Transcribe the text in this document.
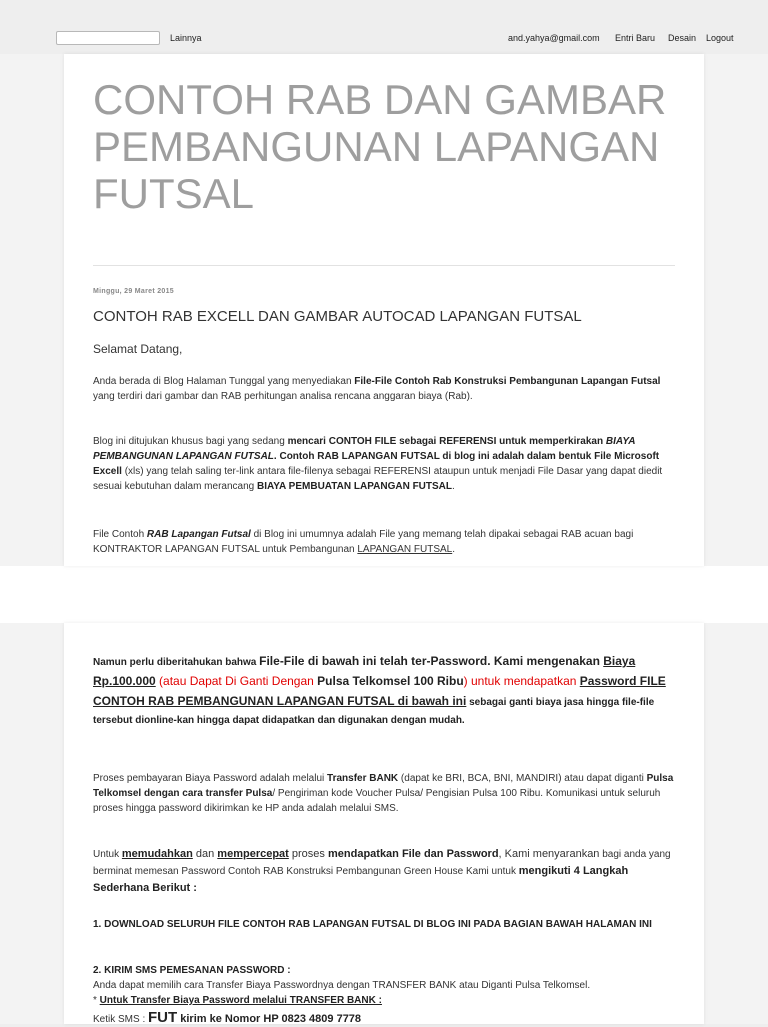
Lainnya	and.yahya@gmail.com Entri Baru Desain Logout
CONTOH RAB DAN GAMBAR PEMBANGUNAN LAPANGAN FUTSAL
Minggu, 29 Maret 2015
CONTOH RAB EXCELL DAN GAMBAR AUTOCAD LAPANGAN FUTSAL
Selamat Datang,

Anda berada di Blog Halaman Tunggal yang menyediakan File-File Contoh Rab Konstruksi Pembangunan Lapangan Futsal yang terdiri dari gambar dan RAB perhitungan analisa rencana anggaran biaya (Rab).

Blog ini ditujukan khusus bagi yang sedang mencari CONTOH FILE sebagai REFERENSI untuk memperkirakan BIAYA PEMBANGUNAN LAPANGAN FUTSAL. Contoh RAB LAPANGAN FUTSAL di blog ini adalah dalam bentuk File Microsoft Excell (xls) yang telah saling ter-link antara file-filenya sebagai REFERENSI ataupun untuk menjadi File Dasar yang dapat diedit sesuai kebutuhan dalam merancang BIAYA PEMBUATAN LAPANGAN FUTSAL.

File Contoh RAB Lapangan Futsal di Blog ini umumnya adalah File yang memang telah dipakai sebagai RAB acuan bagi KONTRAKTOR LAPANGAN FUTSAL untuk Pembangunan LAPANGAN FUTSAL.

Namun perlu diberitahukan bahwa File-File di bawah ini telah ter-Password. Kami mengenakan Biaya Rp.100.000 (atau Dapat Di Ganti Dengan Pulsa Telkomsel 100 Ribu) untuk mendapatkan Password FILE CONTOH RAB PEMBANGUNAN LAPANGAN FUTSAL di bawah ini sebagai ganti biaya jasa hingga file-file tersebut dionline-kan hingga dapat didapatkan dan digunakan dengan mudah.

Proses pembayaran Biaya Password adalah melalui Transfer BANK (dapat ke BRI, BCA, BNI, MANDIRI) atau dapat diganti Pulsa Telkomsel dengan cara transfer Pulsa/ Pengiriman kode Voucher Pulsa/ Pengisian Pulsa 100 Ribu. Komunikasi untuk seluruh proses hingga password dikirimkan ke HP anda adalah melalui SMS.

Untuk memudahkan dan mempercepat proses mendapatkan File dan Password, Kami menyarankan bagi anda yang berminat memesan Password Contoh RAB Konstruksi Pembangunan Green House Kami untuk mengikuti 4 Langkah Sederhana Berikut :

1. DOWNLOAD SELURUH FILE CONTOH RAB LAPANGAN FUTSAL DI BLOG INI PADA BAGIAN BAWAH HALAMAN INI

2. KIRIM SMS PEMESANAN PASSWORD :

Anda dapat memilih cara Transfer Biaya Passwordnya dengan TRANSFER BANK atau Diganti Pulsa Telkomsel.

* Untuk Transfer Biaya Password melalui TRANSFER BANK :

Ketik SMS : FUT kirim ke Nomor HP 0823 4809 7778
